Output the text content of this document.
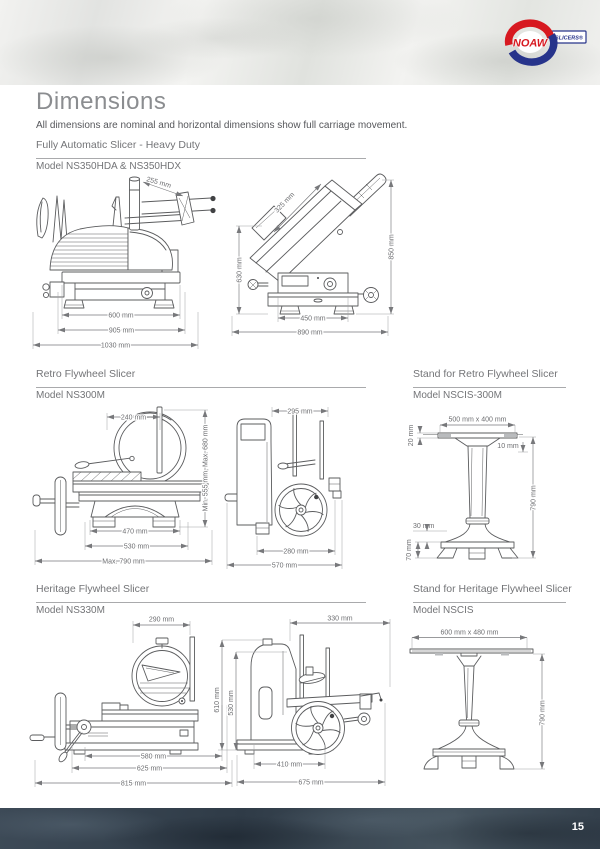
SLICERS®
NOAW
Dimensions
All dimensions are nominal and horizontal dimensions show full carriage movement.
Fully Automatic Slicer - Heavy Duty
Model NS350HDA & NS350HDX
Retro Flywheel Slicer
Model NS300M
Stand for Retro Flywheel Slicer
Model NSCIS-300M
Heritage Flywheel Slicer
Model NS330M
Stand for Heritage Flywheel Slicer
Model NSCIS
255 mm
600 mm
905 mm
1030 mm
325 mm
630 mm
850 mm
450 mm
890 mm
240 mm
Min. 555 mm, Max. 680 mm
470 mm
530 mm
Max. 790 mm
295 mm
280 mm
570 mm
500 mm x 400 mm
20 mm
10 mm
790 mm
30 mm
70 mm
290 mm
580 mm
625 mm
815 mm
330 mm
610 mm 530 mm
410 mm
675 mm
600 mm x 480 mm
790 mm
15
